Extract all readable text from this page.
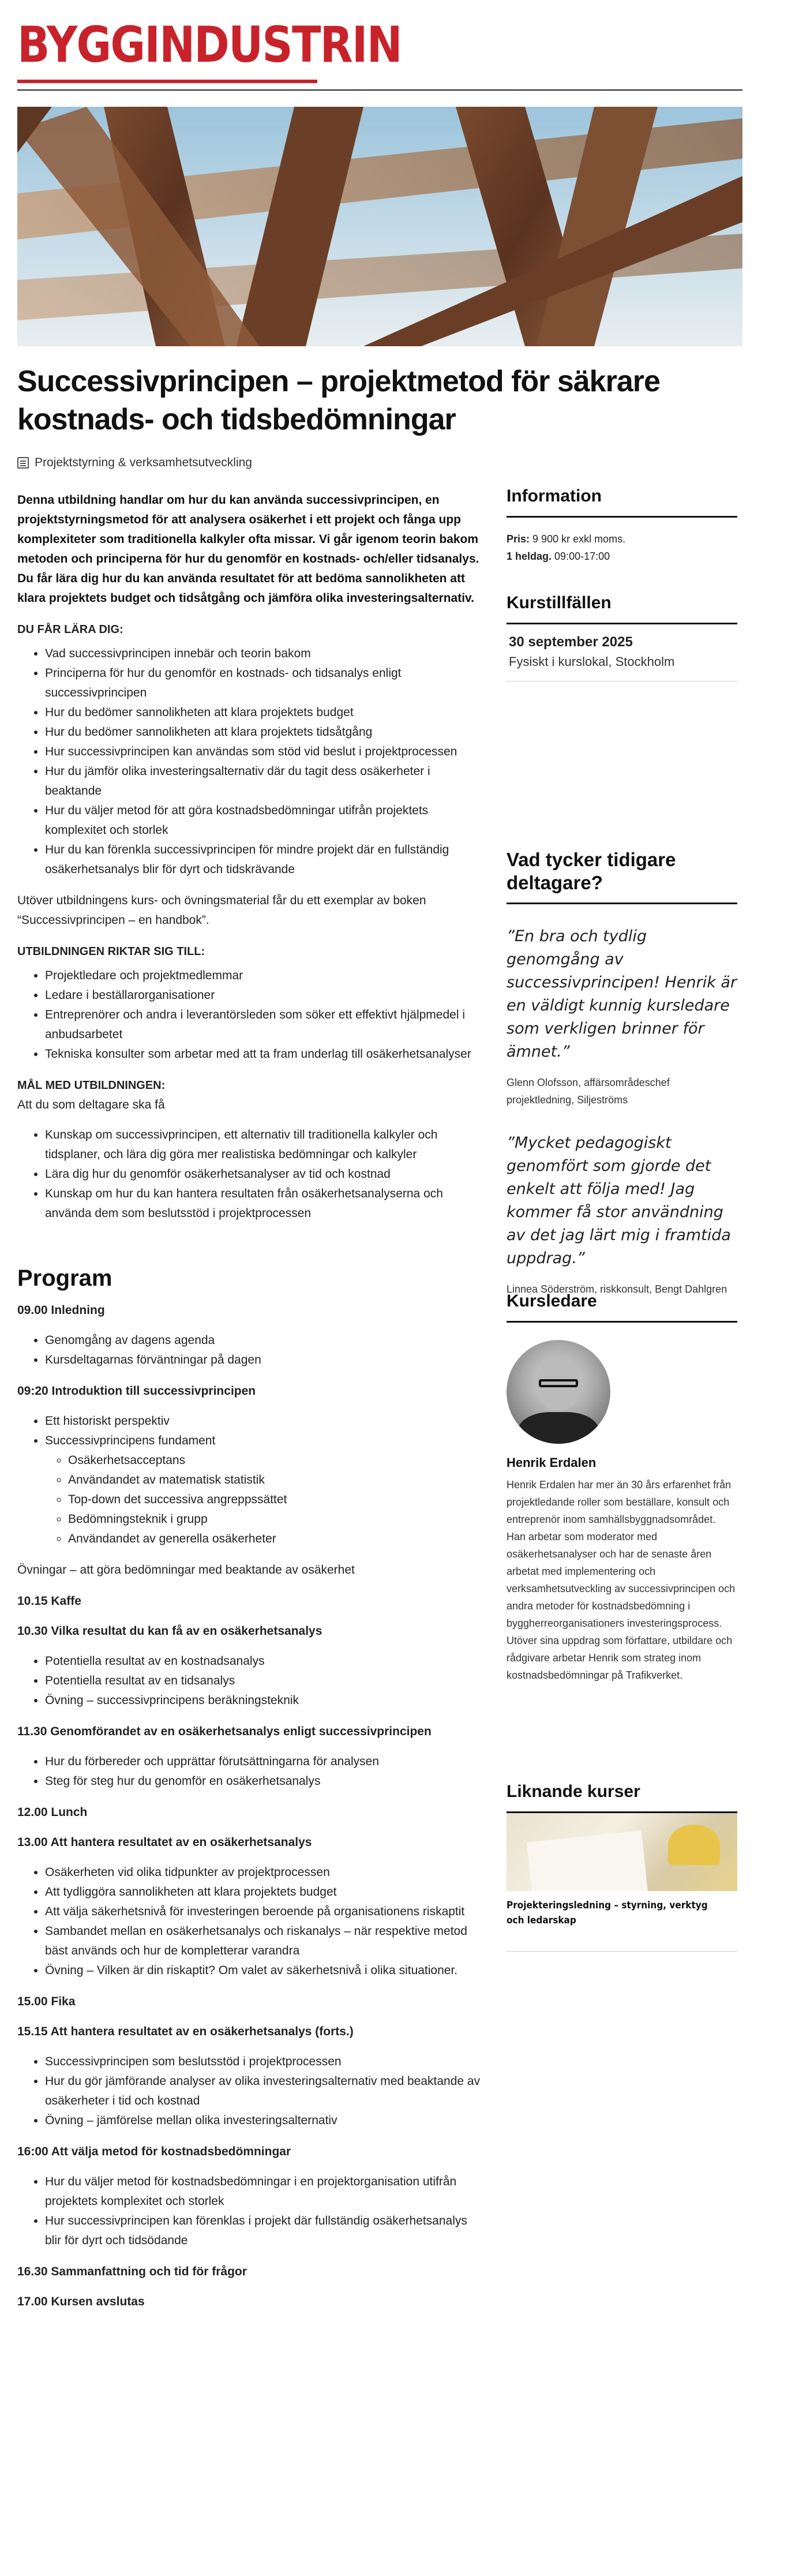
BYGGINDUSTRIN
Successivprincipen – projektmetod för säkrare kostnads- och tidsbedömningar
Projektstyrning & verksamhetsutveckling

Denna utbildning handlar om hur du kan använda successivprincipen, en projektstyrningsmetod för att analysera osäkerhet i ett projekt och fånga upp komplexiteter som traditionella kalkyler ofta missar. Vi går igenom teorin bakom metoden och principerna för hur du genomför en kostnads- och/eller tidsanalys. Du får lära dig hur du kan använda resultatet för att bedöma sannolikheten att klara projektets budget och tidsåtgång och jämföra olika investeringsalternativ.

DU FÅR LÄRA DIG:
• Vad successivprincipen innebär och teorin bakom
• Principerna för hur du genomför en kostnads- och tidsanalys enligt successivprincipen
• Hur du bedömer sannolikheten att klara projektets budget
• Hur du bedömer sannolikheten att klara projektets tidsåtgång
• Hur successivprincipen kan användas som stöd vid beslut i projektprocessen
• Hur du jämför olika investeringsalternativ där du tagit dess osäkerheter i beaktande
• Hur du väljer metod för att göra kostnadsbedömningar utifrån projektets komplexitet och storlek
• Hur du kan förenkla successivprincipen för mindre projekt där en fullständig osäkerhetsanalys blir för dyrt och tidskrävande

Utöver utbildningens kurs- och övningsmaterial får du ett exemplar av boken “Successivprincipen – en handbok”.

UTBILDNINGEN RIKTAR SIG TILL:
• Projektledare och projektmedlemmar
• Ledare i beställarorganisationer
• Entreprenörer och andra i leverantörsleden som söker ett effektivt hjälpmedel i anbudsarbetet
• Tekniska konsulter som arbetar med att ta fram underlag till osäkerhetsanalyser
MÅL MED UTBILDNINGEN:
Att du som deltagare ska få
• Kunskap om successivprincipen, ett alternativ till traditionella kalkyler och tidsplaner, och lära dig göra mer realistiska bedömningar och kalkyler
• Lära dig hur du genomför osäkerhetsanalyser av tid och kostnad
• Kunskap om hur du kan hantera resultaten från osäkerhetsanalyserna och använda dem som beslutsstöd i projektprocessen
Program
09.00 Inledning
• Genomgång av dagens agenda
• Kursdeltagarnas förväntningar på dagen
09:20 Introduktion till successivprincipen
• Ett historiskt perspektiv
• Successivprincipens fundament
◦ Osäkerhetsacceptans
◦ Användandet av matematisk statistik
◦ Top-down det successiva angreppssättet
◦ Bedömningsteknik i grupp
◦ Användandet av generella osäkerheter

Övningar – att göra bedömningar med beaktande av osäkerhet

10.15 Kaffe
10.30 Vilka resultat du kan få av en osäkerhetsanalys
• Potentiella resultat av en kostnadsanalys
• Potentiella resultat av en tidsanalys
• Övning – successivprincipens beräkningsteknik
11.30 Genomförandet av en osäkerhetsanalys enligt successivprincipen
• Hur du förbereder och upprättar förutsättningarna för analysen
• Steg för steg hur du genomför en osäkerhetsanalys
12.00 Lunch
13.00 Att hantera resultatet av en osäkerhetsanalys
• Osäkerheten vid olika tidpunkter av projektprocessen
• Att tydliggöra sannolikheten att klara projektets budget
• Att välja säkerhetsnivå för investeringen beroende på organisationens riskaptit
• Sambandet mellan en osäkerhetsanalys och riskanalys – när respektive metod bäst används och hur de kompletterar varandra
• Övning – Vilken är din riskaptit? Om valet av säkerhetsnivå i olika situationer.
15.00 Fika
15.15 Att hantera resultatet av en osäkerhetsanalys (forts.)
• Successivprincipen som beslutsstöd i projektprocessen
• Hur du gör jämförande analyser av olika investeringsalternativ med beaktande av osäkerheter i tid och kostnad
• Övning – jämförelse mellan olika investeringsalternativ
16:00 Att välja metod för kostnadsbedömningar
• Hur du väljer metod för kostnadsbedömningar i en projektorganisation utifrån projektets komplexitet och storlek
• Hur successivprincipen kan förenklas i projekt där fullständig osäkerhetsanalys blir för dyrt och tidsödande
16.30 Sammanfattning och tid för frågor
17.00 Kursen avslutas
Information
Pris: 9 900 kr exkl moms.
1 heldag. 09:00-17:00
Kurstillfällen
30 september 2025
Fysiskt i kurslokal, Stockholm
Vad tycker tidigare deltagare?
”En bra och tydlig genomgång av successivprincipen! Henrik är en väldigt kunnig kursledare som verkligen brinner för ämnet.”
Glenn Olofsson, affärsområdeschef projektledning, Siljeströms
”Mycket pedagogiskt genomfört som gjorde det enkelt att följa med! Jag kommer få stor användning av det jag lärt mig i framtida uppdrag.”
Linnea Söderström, riskkonsult, Bengt Dahlgren
Kursledare
Henrik Erdalen
Henrik Erdalen har mer än 30 års erfarenhet från projektledande roller som beställare, konsult och entreprenör inom samhällsbyggnadsområdet. Han arbetar som moderator med osäkerhetsanalyser och har de senaste åren arbetat med implementering och verksamhetsutveckling av successivprincipen och andra metoder för kostnadsbedömning i byggherreorganisationers investeringsprocess. Utöver sina uppdrag som författare, utbildare och rådgivare arbetar Henrik som strateg inom kostnadsbedömningar på Trafikverket.
Liknande kurser
Projekteringsledning – styrning, verktyg och ledarskap
